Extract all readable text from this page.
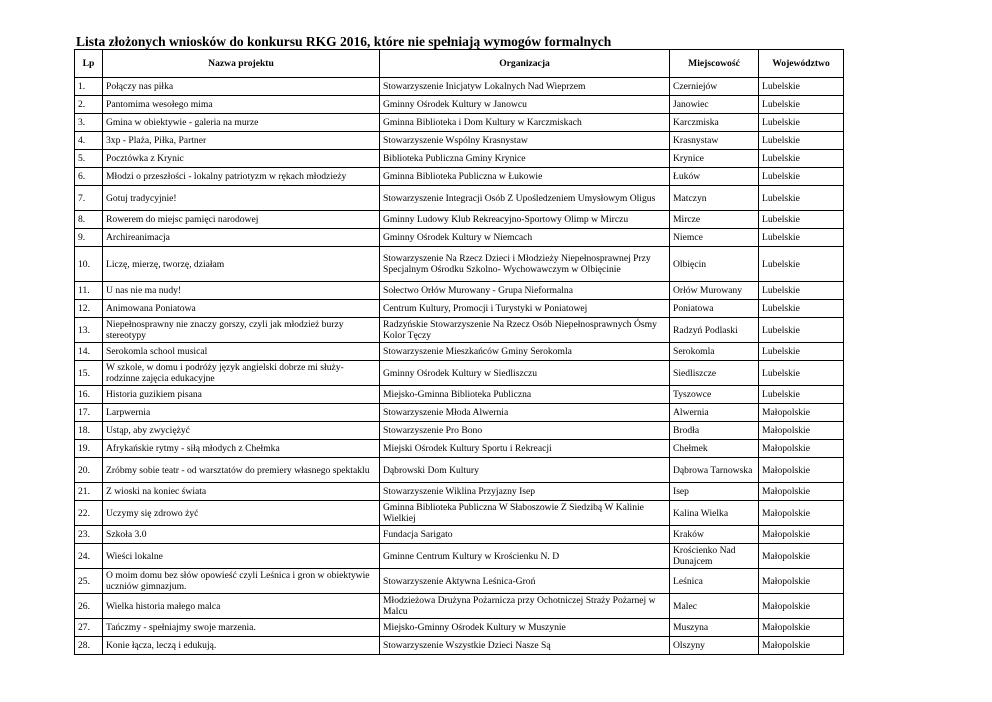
Lista złożonych wniosków do konkursu RKG 2016, które nie spełniają wymogów formalnych
Lp	Nazwa projektu	Organizacja	Miejscowość	Województwo
1.	Połączy nas piłka	Stowarzyszenie Inicjatyw Lokalnych Nad Wieprzem	Czerniejów	Lubelskie
2.	Pantomima wesołego mima	Gminny Ośrodek Kultury w Janowcu	Janowiec	Lubelskie
3.	Gmina w obiektywie - galeria na murze	Gminna Biblioteka i Dom Kultury w Karczmiskach	Karczmiska	Lubelskie
4.	3xp - Plaża, Piłka, Partner	Stowarzyszenie Wspólny Krasnystaw	Krasnystaw	Lubelskie
5.	Pocztówka z Krynic	Biblioteka Publiczna Gminy Krynice	Krynice	Lubelskie
6.	Młodzi o przeszłości - lokalny patriotyzm w rękach młodzieży	Gminna Biblioteka Publiczna w Łukowie	Łuków	Lubelskie
7.	Gotuj tradycyjnie!	Stowarzyszenie Integracji Osób Z Upośledzeniem Umysłowym Oligus	Matczyn	Lubelskie
8.	Rowerem do miejsc pamięci narodowej	Gminny Ludowy Klub Rekreacyjno-Sportowy Olimp w Mirczu	Mircze	Lubelskie
9.	Archireanimacja	Gminny Ośrodek Kultury w Niemcach	Niemce	Lubelskie
10.	Liczę, mierzę, tworzę, działam	Stowarzyszenie Na Rzecz Dzieci i Młodzieży Niepełnosprawnej Przy Specjalnym Ośrodku Szkolno- Wychowawczym w Olbięcinie	Olbięcin	Lubelskie
11.	U nas nie ma nudy!	Sołectwo Orłów Murowany - Grupa Nieformalna	Orłów Murowany	Lubelskie
12.	Animowana Poniatowa	Centrum Kultury, Promocji i Turystyki w Poniatowej	Poniatowa	Lubelskie
13.	Niepełnosprawny nie znaczy gorszy, czyli jak młodzież burzy stereotypy	Radzyńskie Stowarzyszenie Na Rzecz Osób Niepełnosprawnych Ósmy Kolor Tęczy	Radzyń Podlaski	Lubelskie
14.	Serokomla school musical	Stowarzyszenie Mieszkańców Gminy Serokomla	Serokomla	Lubelskie
15.	W szkole, w domu i podróży język angielski dobrze mi służy- rodzinne zajęcia edukacyjne	Gminny Ośrodek Kultury w Siedliszczu	Siedliszcze	Lubelskie
16.	Historia guzikiem pisana	Miejsko-Gminna Biblioteka Publiczna	Tyszowce	Lubelskie
17.	Larpwernia	Stowarzyszenie Młoda Alwernia	Alwernia	Małopolskie
18.	Ustąp, aby zwyciężyć	Stowarzyszenie Pro Bono	Brodła	Małopolskie
19.	Afrykańskie rytmy - siłą młodych z Chełmka	Miejski Ośrodek Kultury Sportu i Rekreacji	Chełmek	Małopolskie
20.	Zróbmy sobie teatr - od warsztatów do premiery własnego spektaklu	Dąbrowski Dom Kultury	Dąbrowa Tarnowska	Małopolskie
21.	Z wioski na koniec świata	Stowarzyszenie Wiklina Przyjazny Isep	Isep	Małopolskie
22.	Uczymy się zdrowo żyć	Gminna Biblioteka Publiczna W Słaboszowie Z Siedzibą W Kalinie Wielkiej	Kalina Wielka	Małopolskie
23.	Szkoła 3.0	Fundacja Sarigato	Kraków	Małopolskie
24.	Wieści lokalne	Gminne Centrum Kultury w Krościenku N. D	Krościenko Nad Dunajcem	Małopolskie
25.	O moim domu bez słów opowieść czyli Leśnica i gron w obiektywie uczniów gimnazjum.	Stowarzyszenie Aktywna Leśnica-Groń	Leśnica	Małopolskie
26.	Wielka historia małego malca	Młodzieżowa Drużyna Pożarnicza przy Ochotniczej Straży Pożarnej w Malcu	Malec	Małopolskie
27.	Tańczmy - spełniajmy swoje marzenia.	Miejsko-Gminny Ośrodek Kultury w Muszynie	Muszyna	Małopolskie
28.	Konie łącza, leczą i edukują.	Stowarzyszenie Wszystkie Dzieci Nasze Są	Olszyny	Małopolskie
